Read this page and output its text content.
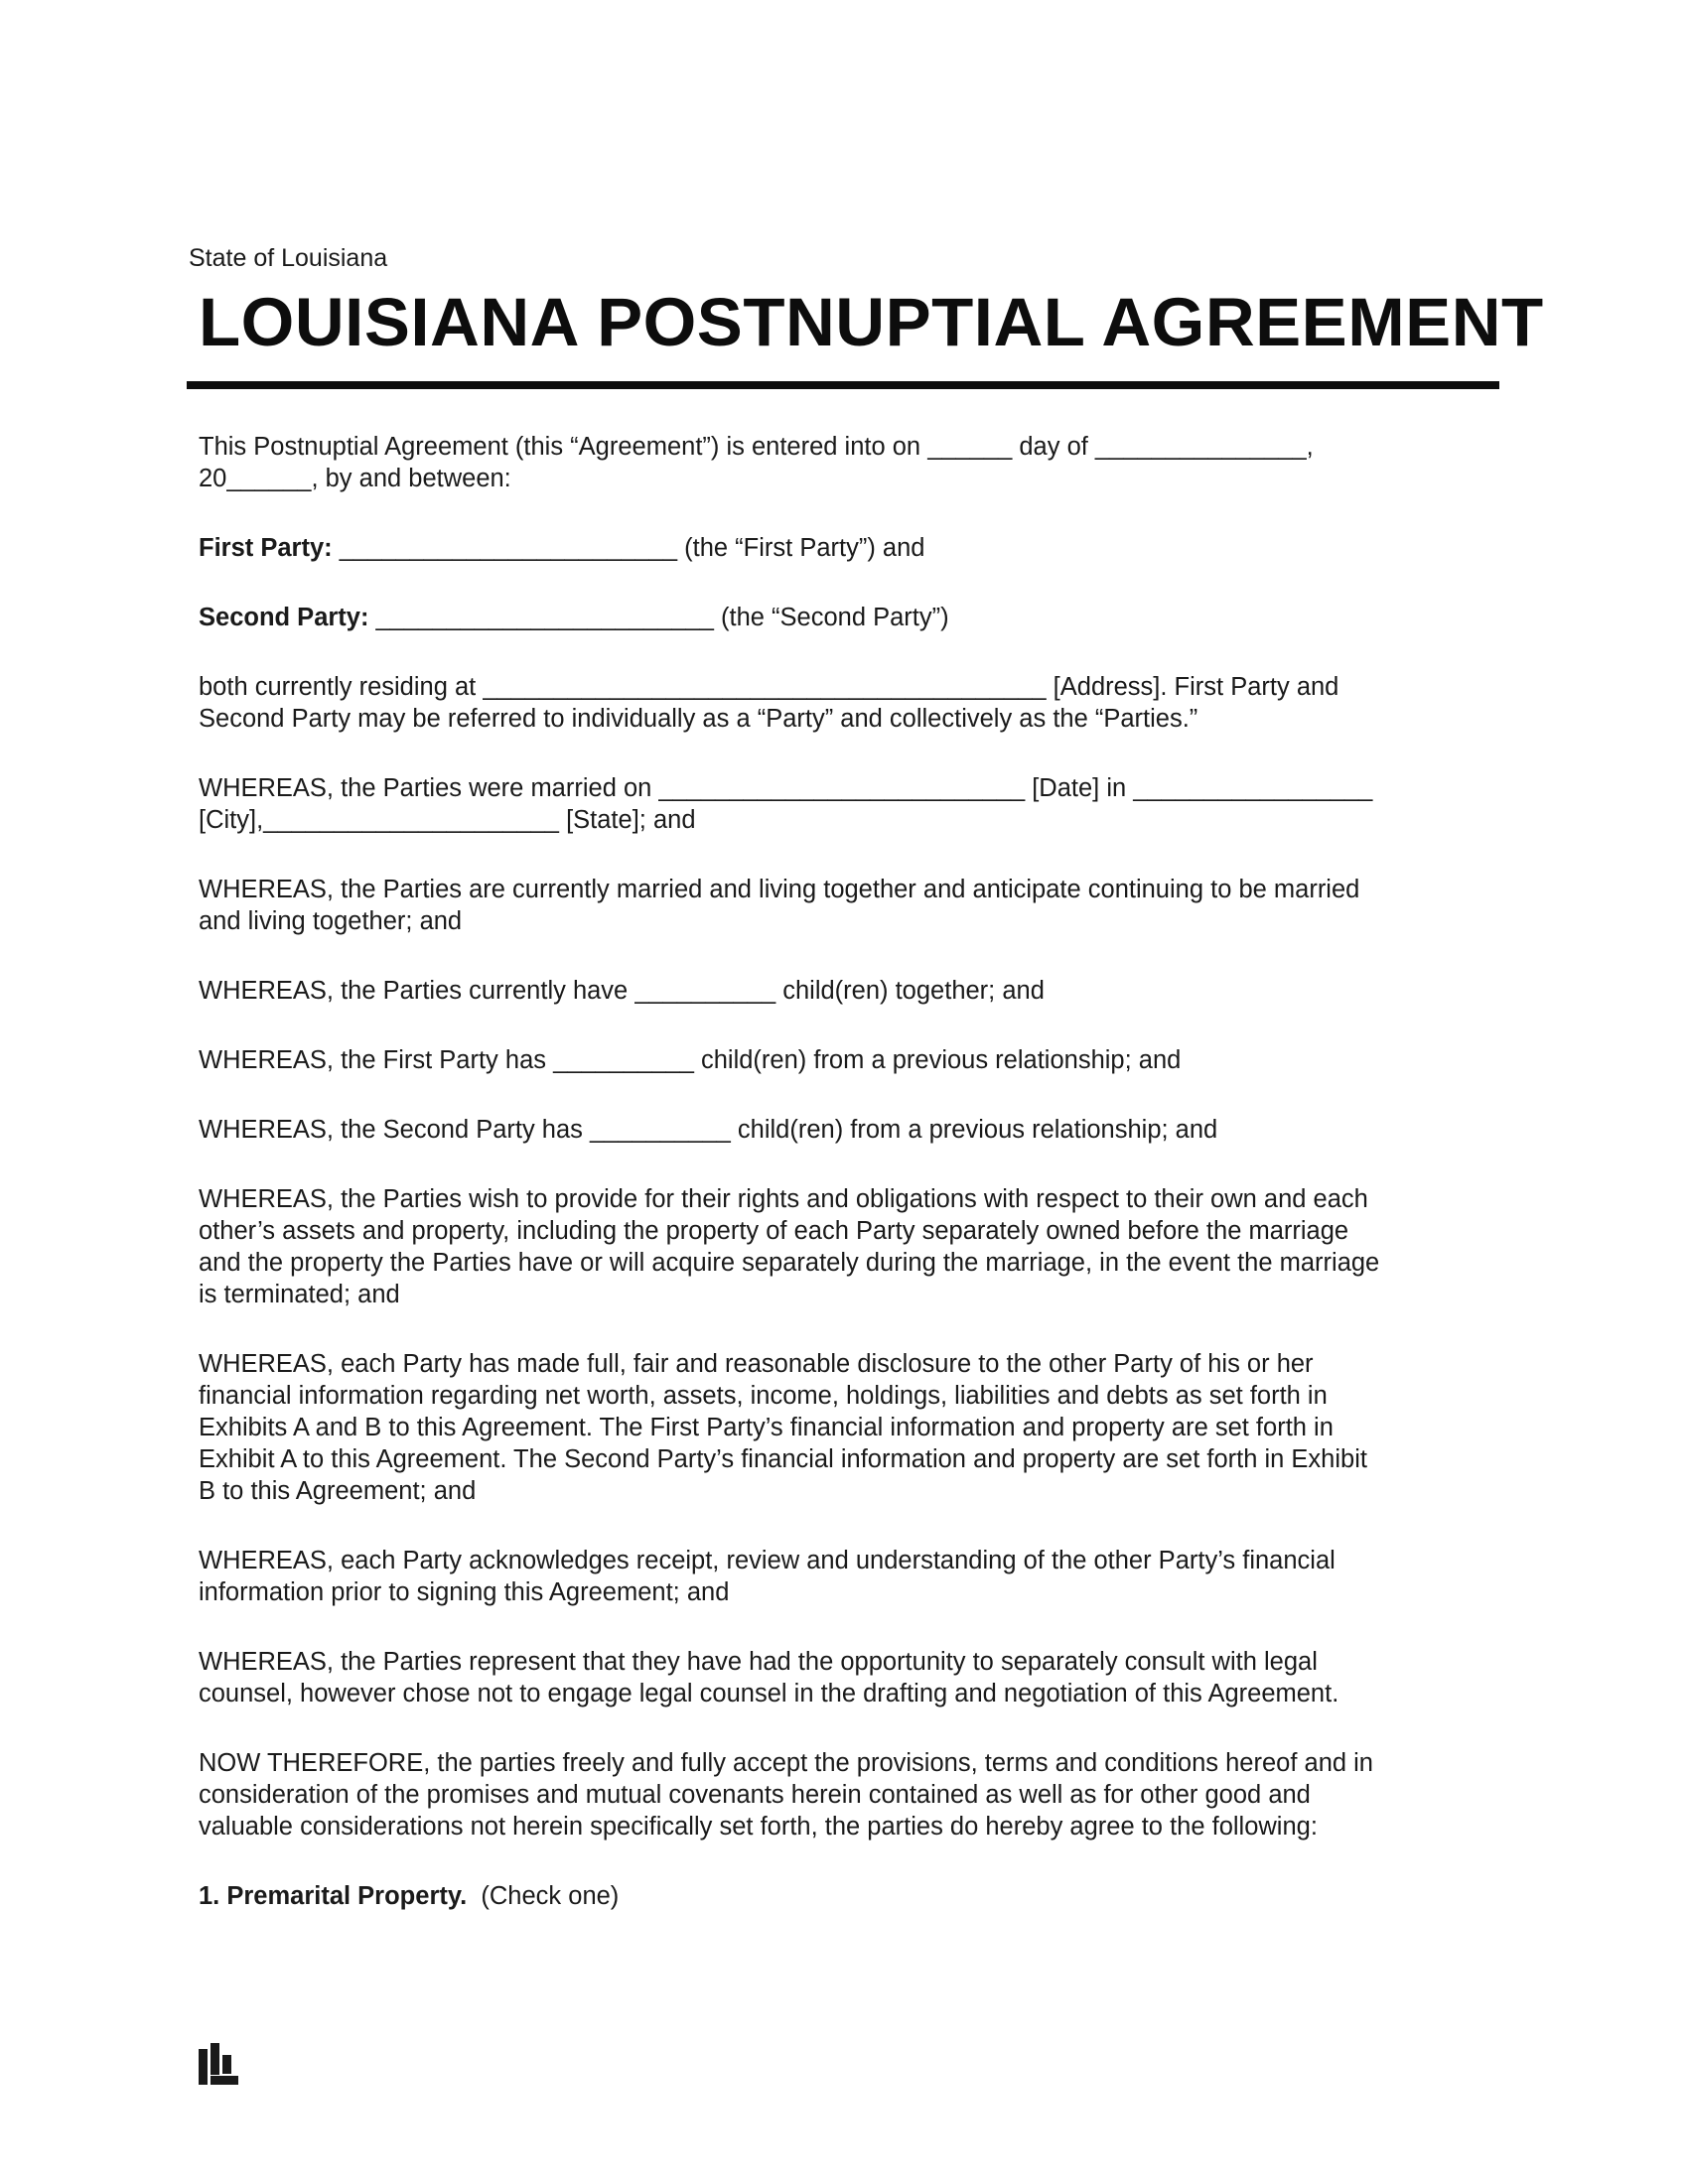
State of Louisiana
LOUISIANA POSTNUPTIAL AGREEMENT

This Postnuptial Agreement (this “Agreement”) is entered into on ______ day of _______________,
20______, by and between:

First Party: ________________________ (the “First Party”) and

Second Party: ________________________ (the “Second Party”)

both currently residing at ________________________________________ [Address]. First Party and
Second Party may be referred to individually as a “Party” and collectively as the “Parties.”

WHEREAS, the Parties were married on __________________________ [Date] in _________________
[City],_____________________ [State]; and

WHEREAS, the Parties are currently married and living together and anticipate continuing to be married
and living together; and

WHEREAS, the Parties currently have __________ child(ren) together; and

WHEREAS, the First Party has __________ child(ren) from a previous relationship; and

WHEREAS, the Second Party has __________ child(ren) from a previous relationship; and

WHEREAS, the Parties wish to provide for their rights and obligations with respect to their own and each
other’s assets and property, including the property of each Party separately owned before the marriage
and the property the Parties have or will acquire separately during the marriage, in the event the marriage
is terminated; and

WHEREAS, each Party has made full, fair and reasonable disclosure to the other Party of his or her
financial information regarding net worth, assets, income, holdings, liabilities and debts as set forth in
Exhibits A and B to this Agreement. The First Party’s financial information and property are set forth in
Exhibit A to this Agreement. The Second Party’s financial information and property are set forth in Exhibit
B to this Agreement; and

WHEREAS, each Party acknowledges receipt, review and understanding of the other Party’s financial
information prior to signing this Agreement; and

WHEREAS, the Parties represent that they have had the opportunity to separately consult with legal
counsel, however chose not to engage legal counsel in the drafting and negotiation of this Agreement.

NOW THEREFORE, the parties freely and fully accept the provisions, terms and conditions hereof and in
consideration of the promises and mutual covenants herein contained as well as for other good and
valuable considerations not herein specifically set forth, the parties do hereby agree to the following:

1. Premarital Property.  (Check one)
